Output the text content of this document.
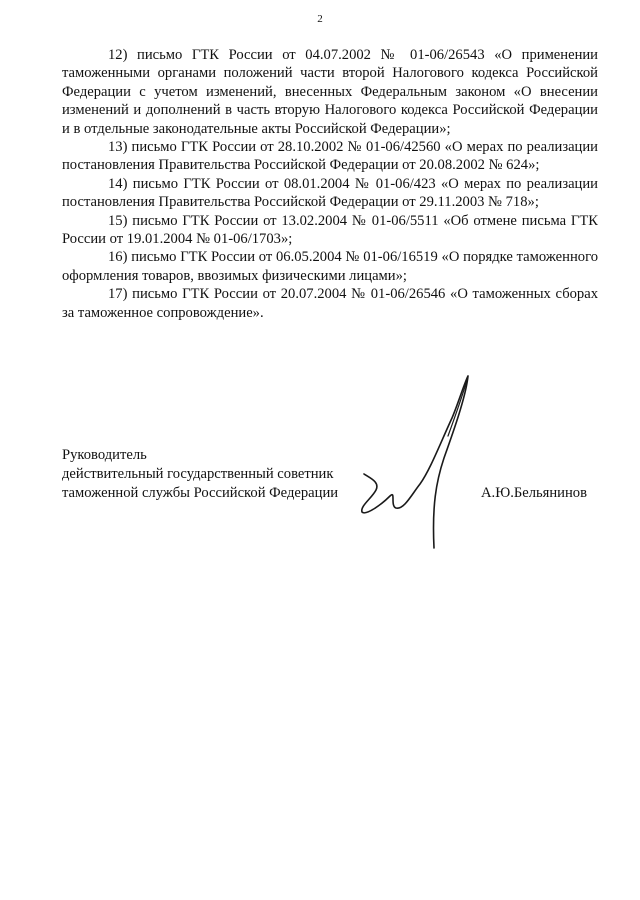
2

12) письмо ГТК России от 04.07.2002 № 01-06/26543 «О применении таможенными органами положений части второй Налогового кодекса Российской Федерации с учетом изменений, внесенных Федеральным законом «О внесении изменений и дополнений в часть вторую Налогового кодекса Российской Федерации и в отдельные законодательные акты Российской Федерации»;

13) письмо ГТК России от 28.10.2002 № 01-06/42560 «О мерах по реализации постановления Правительства Российской Федерации от 20.08.2002 № 624»;

14) письмо ГТК России от 08.01.2004 № 01-06/423 «О мерах по реализации постановления Правительства Российской Федерации от 29.11.2003 № 718»;

15) письмо ГТК России от 13.02.2004 № 01-06/5511 «Об отмене письма ГТК России от 19.01.2004 № 01-06/1703»;

16) письмо ГТК России от 06.05.2004 № 01-06/16519 «О порядке таможенного оформления товаров, ввозимых физическими лицами»;

17) письмо ГТК России от 20.07.2004 № 01-06/26546 «О таможенных сборах за таможенное сопровождение».

Руководитель
действительный государственный советник
таможенной службы Российской Федерации	А.Ю.Бельянинов
